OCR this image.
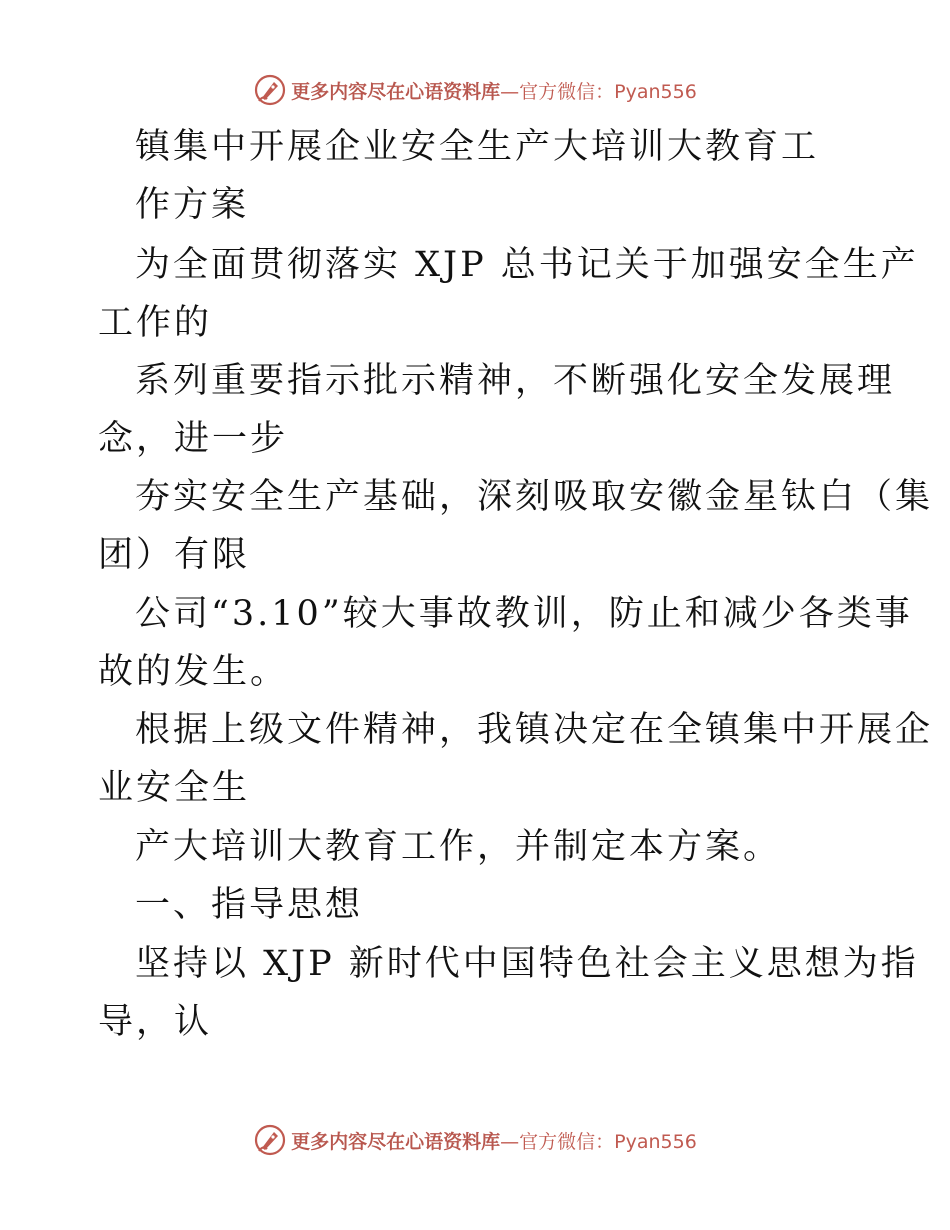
更多内容尽在心语资料库 —官方微信：Pyan556
镇集中开展企业安全生产大培训大教育工
作方案
为全面贯彻落实 XJP 总书记关于加强安全生产
工作的
系列重要指示批示精神，不断强化安全发展理
念，进一步
夯实安全生产基础，深刻吸取安徽金星钛白（集
团）有限
公司“3.10”较大事故教训，防止和减少各类事
故的发生。
根据上级文件精神，我镇决定在全镇集中开展企
业安全生
产大培训大教育工作，并制定本方案。
一、指导思想
坚持以 XJP 新时代中国特色社会主义思想为指
导，认
更多内容尽在心语资料库 —官方微信：Pyan556
